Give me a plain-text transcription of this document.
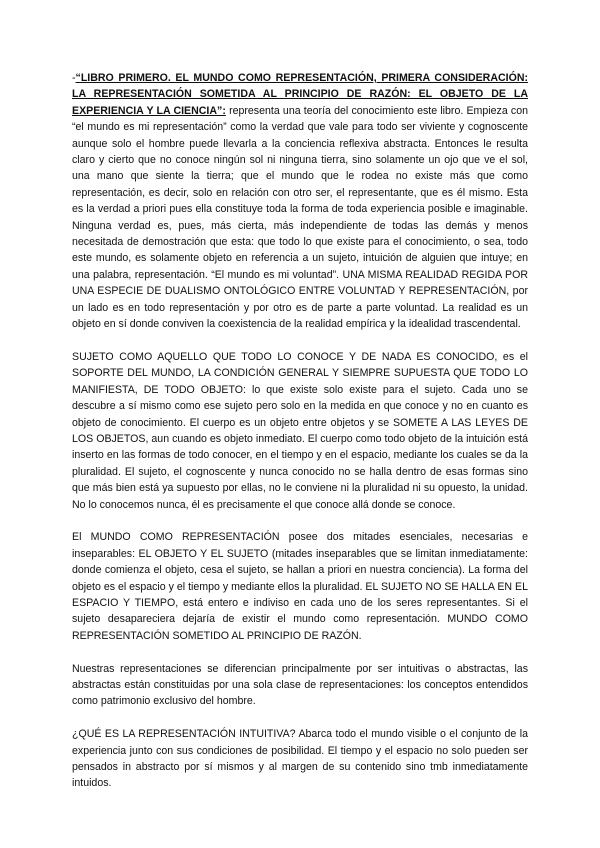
-“LIBRO PRIMERO. EL MUNDO COMO REPRESENTACIÓN, PRIMERA CONSIDERACIÓN: LA REPRESENTACIÓN SOMETIDA AL PRINCIPIO DE RAZÓN: EL OBJETO DE LA EXPERIENCIA Y LA CIENCIA”: representa una teoría del conocimiento este libro. Empieza con “el mundo es mi representación” como la verdad que vale para todo ser viviente y cognoscente aunque solo el hombre puede llevarla a la conciencia reflexiva abstracta. Entonces le resulta claro y cierto que no conoce ningún sol ni ninguna tierra, sino solamente un ojo que ve el sol, una mano que siente la tierra; que el mundo que le rodea no existe más que como representación, es decir, solo en relación con otro ser, el representante, que es él mismo. Esta es la verdad a priori pues ella constituye toda la forma de toda experiencia posible e imaginable. Ninguna verdad es, pues, más cierta, más independiente de todas las demás y menos necesitada de demostración que esta: que todo lo que existe para el conocimiento, o sea, todo este mundo, es solamente objeto en referencia a un sujeto, intuición de alguien que intuye; en una palabra, representación. “El mundo es mi voluntad”. UNA MISMA REALIDAD REGIDA POR UNA ESPECIE DE DUALISMO ONTOLÓGICO ENTRE VOLUNTAD Y REPRESENTACIÓN, por un lado es en todo representación y por otro es de parte a parte voluntad. La realidad es un objeto en sí donde conviven la coexistencia de la realidad empírica y la idealidad trascendental.

SUJETO COMO AQUELLO QUE TODO LO CONOCE Y DE NADA ES CONOCIDO, es el SOPORTE DEL MUNDO, LA CONDICIÓN GENERAL Y SIEMPRE SUPUESTA QUE TODO LO MANIFIESTA, DE TODO OBJETO: lo que existe solo existe para el sujeto. Cada uno se descubre a sí mismo como ese sujeto pero solo en la medida en que conoce y no en cuanto es objeto de conocimiento. El cuerpo es un objeto entre objetos y se SOMETE A LAS LEYES DE LOS OBJETOS, aun cuando es objeto inmediato. El cuerpo como todo objeto de la intuición está inserto en las formas de todo conocer, en el tiempo y en el espacio, mediante los cuales se da la pluralidad. El sujeto, el cognoscente y nunca conocido no se halla dentro de esas formas sino que más bien está ya supuesto por ellas, no le conviene ni la pluralidad ni su opuesto, la unidad. No lo conocemos nunca, él es precisamente el que conoce allá donde se conoce.

El MUNDO COMO REPRESENTACIÓN posee dos mitades esenciales, necesarias e inseparables: EL OBJETO Y EL SUJETO (mitades inseparables que se limitan inmediatamente: donde comienza el objeto, cesa el sujeto, se hallan a priori en nuestra conciencia). La forma del objeto es el espacio y el tiempo y mediante ellos la pluralidad. EL SUJETO NO SE HALLA EN EL ESPACIO Y TIEMPO, está entero e indiviso en cada uno de los seres representantes. Si el sujeto desapareciera dejaría de existir el mundo como representación. MUNDO COMO REPRESENTACIÓN SOMETIDO AL PRINCIPIO DE RAZÓN.

Nuestras representaciones se diferencian principalmente por ser intuitivas o abstractas, las abstractas están constituidas por una sola clase de representaciones: los conceptos entendidos como patrimonio exclusivo del hombre.

¿QUÉ ES LA REPRESENTACIÓN INTUITIVA? Abarca todo el mundo visible o el conjunto de la experiencia junto con sus condiciones de posibilidad. El tiempo y el espacio no solo pueden ser pensados in abstracto por sí mismos y al margen de su contenido sino tmb inmediatamente intuidos.
